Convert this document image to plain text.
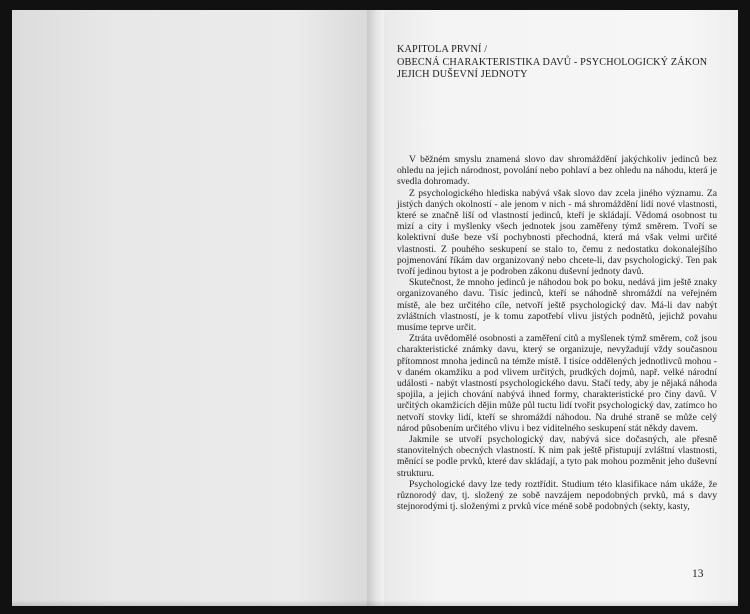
KAPITOLA PRVNÍ /
OBECNÁ CHARAKTERISTIKA DAVŮ - PSYCHOLOGICKÝ ZÁKON
JEJICH DUŠEVNÍ JEDNOTY

V běžném smyslu znamená slovo dav shromáždění jakýchkoliv jedinců bez ohledu na jejich národnost, povolání nebo pohlaví a bez ohledu na náhodu, která je svedla dohromady.

Z psychologického hlediska nabývá však slovo dav zcela jiného významu. Za jistých daných okolností - ale jenom v nich - má shromáždění lidí nové vlastnosti, které se značně liší od vlastností jedinců, kteří je skládají. Vědomá osobnost tu mizí a city i myšlenky všech jednotek jsou zaměřeny týmž směrem. Tvoří se kolektivní duše beze vší pochybnosti přechodná, která má však velmi určité vlastnosti. Z pouhého seskupení se stalo to, čemu z nedostatku dokonalejšího pojmenování říkám dav organizovaný nebo chcete-li, dav psychologický. Ten pak tvoří jedinou bytost a je podroben zákonu duševní jednoty davů.

Skutečnost, že mnoho jedinců je náhodou bok po boku, nedává jim ještě znaky organizovaného davu. Tisíc jedinců, kteří se náhodně shromáždí na veřejném místě, ale bez určitého cíle, netvoří ještě psychologický dav. Má-li dav nabýt zvláštních vlastností, je k tomu zapotřebí vlivu jistých podnětů, jejichž povahu musíme teprve určit.

Ztráta uvědomělé osobnosti a zaměření citů a myšlenek týmž směrem, což jsou charakteristické známky davu, který se organizuje, nevyžadují vždy současnou přítomnost mnoha jedinců na témže místě. I tisíce oddělených jednotlivců mohou - v daném okamžiku a pod vlivem určitých, prudkých dojmů, např. velké národní události - nabýt vlastností psychologického davu. Stačí tedy, aby je nějaká náhoda spojila, a jejich chování nabývá ihned formy, charakteristické pro činy davů. V určitých okamžicích dějin může půl tuctu lidí tvořit psychologický dav, zatímco ho netvoří stovky lidí, kteří se shromáždí náhodou. Na druhé straně se může celý národ působením určitého vlivu i bez viditelného seskupení stát někdy davem.

Jakmile se utvoří psychologický dav, nabývá sice dočasných, ale přesně stanovitelných obecných vlastností. K nim pak ještě přistupují zvláštní vlastnosti, měnící se podle prvků, které dav skládají, a tyto pak mohou pozměnit jeho duševní strukturu.

Psychologické davy lze tedy roztřídit. Studium této klasifikace nám ukáže, že různorodý dav, tj. složený ze sobě navzájem nepodobných prvků, má s davy stejnorodými tj. složenými z prvků více méně sobě podobných (sekty, kasty,

13
